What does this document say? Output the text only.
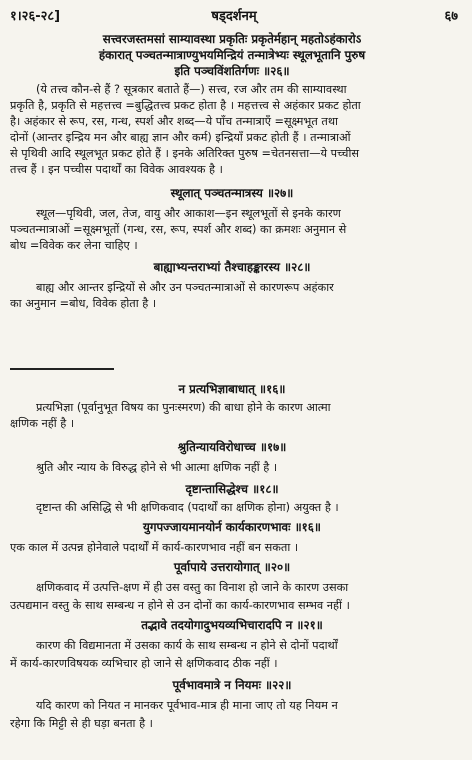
१।२६-२८]	षड्दर्शनम्	६७
सत्त्वरजस्तमसां साम्यावस्था प्रकृतिः प्रकृतेर्महान् महतोऽहंकारोऽ
हंकारात् पञ्चतन्मात्राण्युभयमिन्द्रियं तन्मात्रेभ्यः स्थूलभूतानि पुरुष
इति पञ्चविंशतिर्गणः ॥२६॥
(ये तत्त्व कौन-से हैं ? सूत्रकार बताते हैं—) सत्त्व, रज और तम की साम्यावस्था
प्रकृति है, प्रकृति से महत्तत्त्व =बुद्धितत्त्व प्रकट होता है । महत्तत्त्व से अहंकार प्रकट होता
है। अहंकार से रूप, रस, गन्ध, स्पर्श और शब्द—ये पाँच तन्मात्राएँ =सूक्ष्मभूत तथा
दोनों (आन्तर इन्द्रिय मन और बाह्य ज्ञान और कर्म) इन्द्रियाँ प्रकट होती हैं । तन्मात्राओं
से पृथिवी आदि स्थूलभूत प्रकट होते हैं । इनके अतिरिक्त पुरुष =चेतनसत्ता—ये पच्चीस
तत्त्व हैं । इन पच्चीस पदार्थों का विवेक आवश्यक है ।
स्थूलात् पञ्चतन्मात्रस्य ॥२७॥
स्थूल—पृथिवी, जल, तेज, वायु और आकाश—इन स्थूलभूतों से इनके कारण
पञ्चतन्मात्राओं =सूक्ष्मभूतों (गन्ध, रस, रूप, स्पर्श और शब्द) का क्रमशः अनुमान से
बोध =विवेक कर लेना चाहिए ।
बाह्याभ्यन्तराभ्यां तैश्चाहङ्कारस्य ॥२८॥
बाह्य और आन्तर इन्द्रियों से और उन पञ्चतन्मात्राओं से कारणरूप अहंकार
का अनुमान =बोध, विवेक होता है ।
न प्रत्यभिज्ञाबाधात् ॥१६॥
प्रत्यभिज्ञा (पूर्वानुभूत विषय का पुनःस्मरण) की बाधा होने के कारण आत्मा
क्षणिक नहीं है ।
श्रुतिन्यायविरोधाच्च ॥१७॥
श्रुति और न्याय के विरुद्ध होने से भी आत्मा क्षणिक नहीं है ।
दृष्टान्तासिद्धेश्च ॥१८॥
दृष्टान्त की असिद्धि से भी क्षणिकवाद (पदार्थों का क्षणिक होना) अयुक्त है ।
युगपज्जायमानयोर्न कार्यकारणभावः ॥१६॥
एक काल में उत्पन्न होनेवाले पदार्थों में कार्य-कारणभाव नहीं बन सकता ।
पूर्वापाये उत्तरायोगात् ॥२०॥
क्षणिकवाद में उत्पत्ति-क्षण में ही उस वस्तु का विनाश हो जाने के कारण उसका
उत्पद्यमान वस्तु के साथ सम्बन्ध न होने से उन दोनों का कार्य-कारणभाव सम्भव नहीं ।
तद्भावे तदयोगादुभयव्यभिचारादपि न ॥२१॥
कारण की विद्यमानता में उसका कार्य के साथ सम्बन्ध न होने से दोनों पदार्थों
में कार्य-कारणविषयक व्यभिचार हो जाने से क्षणिकवाद ठीक नहीं ।
पूर्वभावमात्रे न नियमः ॥२२॥
यदि कारण को नियत न मानकर पूर्वभाव-मात्र ही माना जाए तो यह नियम न
रहेगा कि मिट्टी से ही घड़ा बनता है ।
